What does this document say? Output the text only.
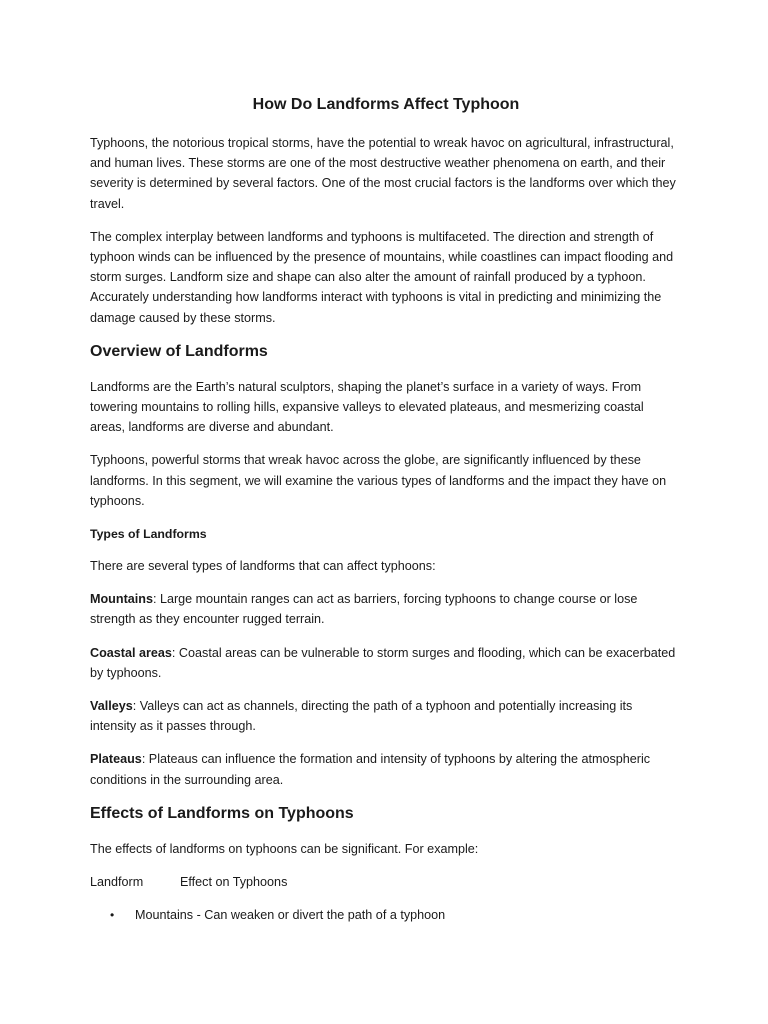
How Do Landforms Affect Typhoon

Typhoons, the notorious tropical storms, have the potential to wreak havoc on agricultural, infrastructural, and human lives. These storms are one of the most destructive weather phenomena on earth, and their severity is determined by several factors. One of the most crucial factors is the landforms over which they travel.

The complex interplay between landforms and typhoons is multifaceted. The direction and strength of typhoon winds can be influenced by the presence of mountains, while coastlines can impact flooding and storm surges. Landform size and shape can also alter the amount of rainfall produced by a typhoon. Accurately understanding how landforms interact with typhoons is vital in predicting and minimizing the damage caused by these storms.

Overview of Landforms

Landforms are the Earth’s natural sculptors, shaping the planet’s surface in a variety of ways. From towering mountains to rolling hills, expansive valleys to elevated plateaus, and mesmerizing coastal areas, landforms are diverse and abundant.

Typhoons, powerful storms that wreak havoc across the globe, are significantly influenced by these landforms. In this segment, we will examine the various types of landforms and the impact they have on typhoons.

Types of Landforms

There are several types of landforms that can affect typhoons:

Mountains: Large mountain ranges can act as barriers, forcing typhoons to change course or lose strength as they encounter rugged terrain.

Coastal areas: Coastal areas can be vulnerable to storm surges and flooding, which can be exacerbated by typhoons.

Valleys: Valleys can act as channels, directing the path of a typhoon and potentially increasing its intensity as it passes through.

Plateaus: Plateaus can influence the formation and intensity of typhoons by altering the atmospheric conditions in the surrounding area.

Effects of Landforms on Typhoons

The effects of landforms on typhoons can be significant. For example:

Landform	Effect on Typhoons
• Mountains - Can weaken or divert the path of a typhoon
